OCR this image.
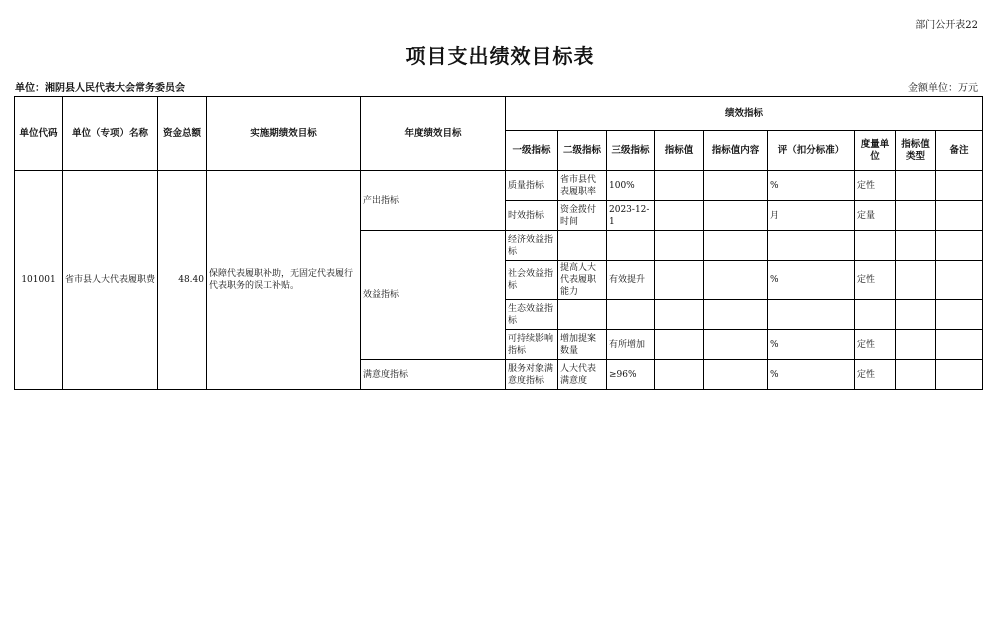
部门公开表22
项目支出绩效目标表
单位：湘阴县人民代表大会常务委员会	金额单位：万元
单位代码	单位（专项）名称	资金总额	实施期绩效目标	年度绩效目标	绩效指标								
					一级指标	二级指标	三级指标	指标值	指标值内容	评（扣分标准）	度量单位	指标值类型	备注
101001	省市县人大代表履职费	48.40	保障代表履职补助，无固定代表履行代表职务的误工补贴。	产出指标	质量指标	省市县代表履职率	100%			%	定性		
					时效指标	资金拨付时间	2023-12-1			月	定量		
				效益指标	经济效益指标								
					社会效益指标	提高人大代表履职能力	有效提升			%	定性		
					生态效益指标								
					可持续影响指标	增加提案数量	有所增加			%	定性		
				满意度指标	服务对象满意度指标	人大代表满意度	≥96%			%	定性		
